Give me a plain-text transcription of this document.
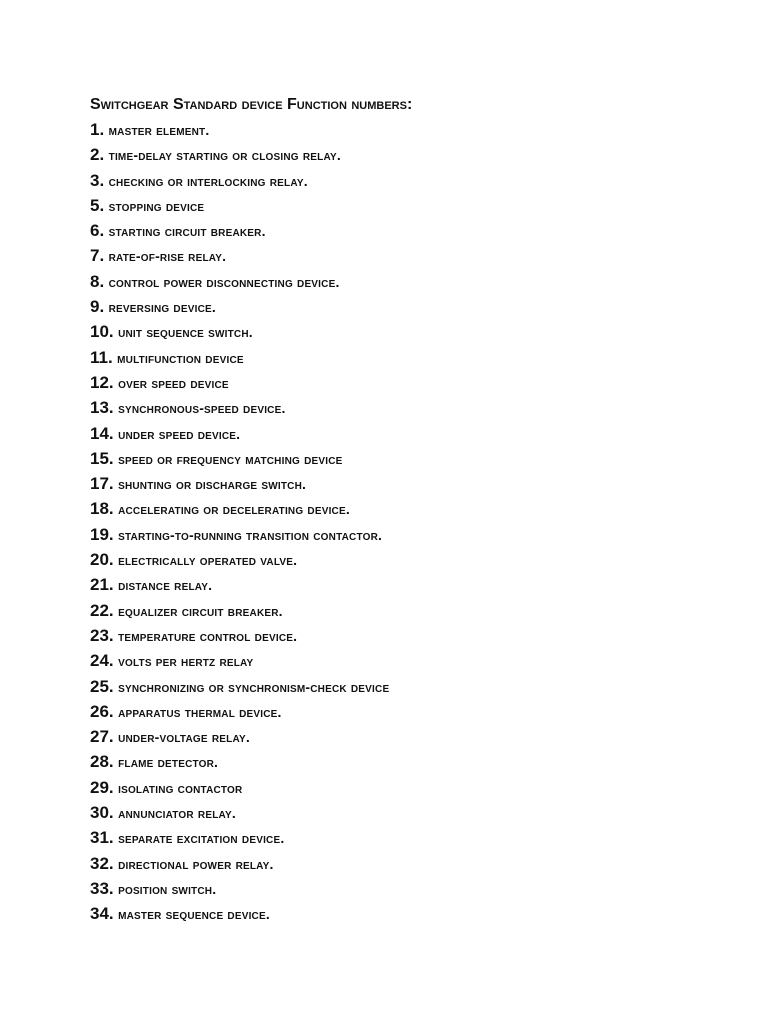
Switchgear Standard device Function numbers:
1. master element.
2. time-delay starting or closing relay.
3. checking or interlocking relay.
5. stopping device
6. starting circuit breaker.
7. rate-of-rise relay.
8. control power disconnecting device.
9. reversing device.
10. unit sequence switch.
11. multifunction device
12. over speed device
13. synchronous-speed device.
14. under speed device.
15. speed or frequency matching device
17. shunting or discharge switch.
18. accelerating or decelerating device.
19. starting-to-running transition contactor.
20. electrically operated valve.
21. distance relay.
22. equalizer circuit breaker.
23. temperature control device.
24. volts per hertz relay
25. synchronizing or synchronism-check device
26. apparatus thermal device.
27. under-voltage relay.
28. flame detector.
29. isolating contactor
30. annunciator relay.
31. separate excitation device.
32. directional power relay.
33. position switch.
34. master sequence device.
